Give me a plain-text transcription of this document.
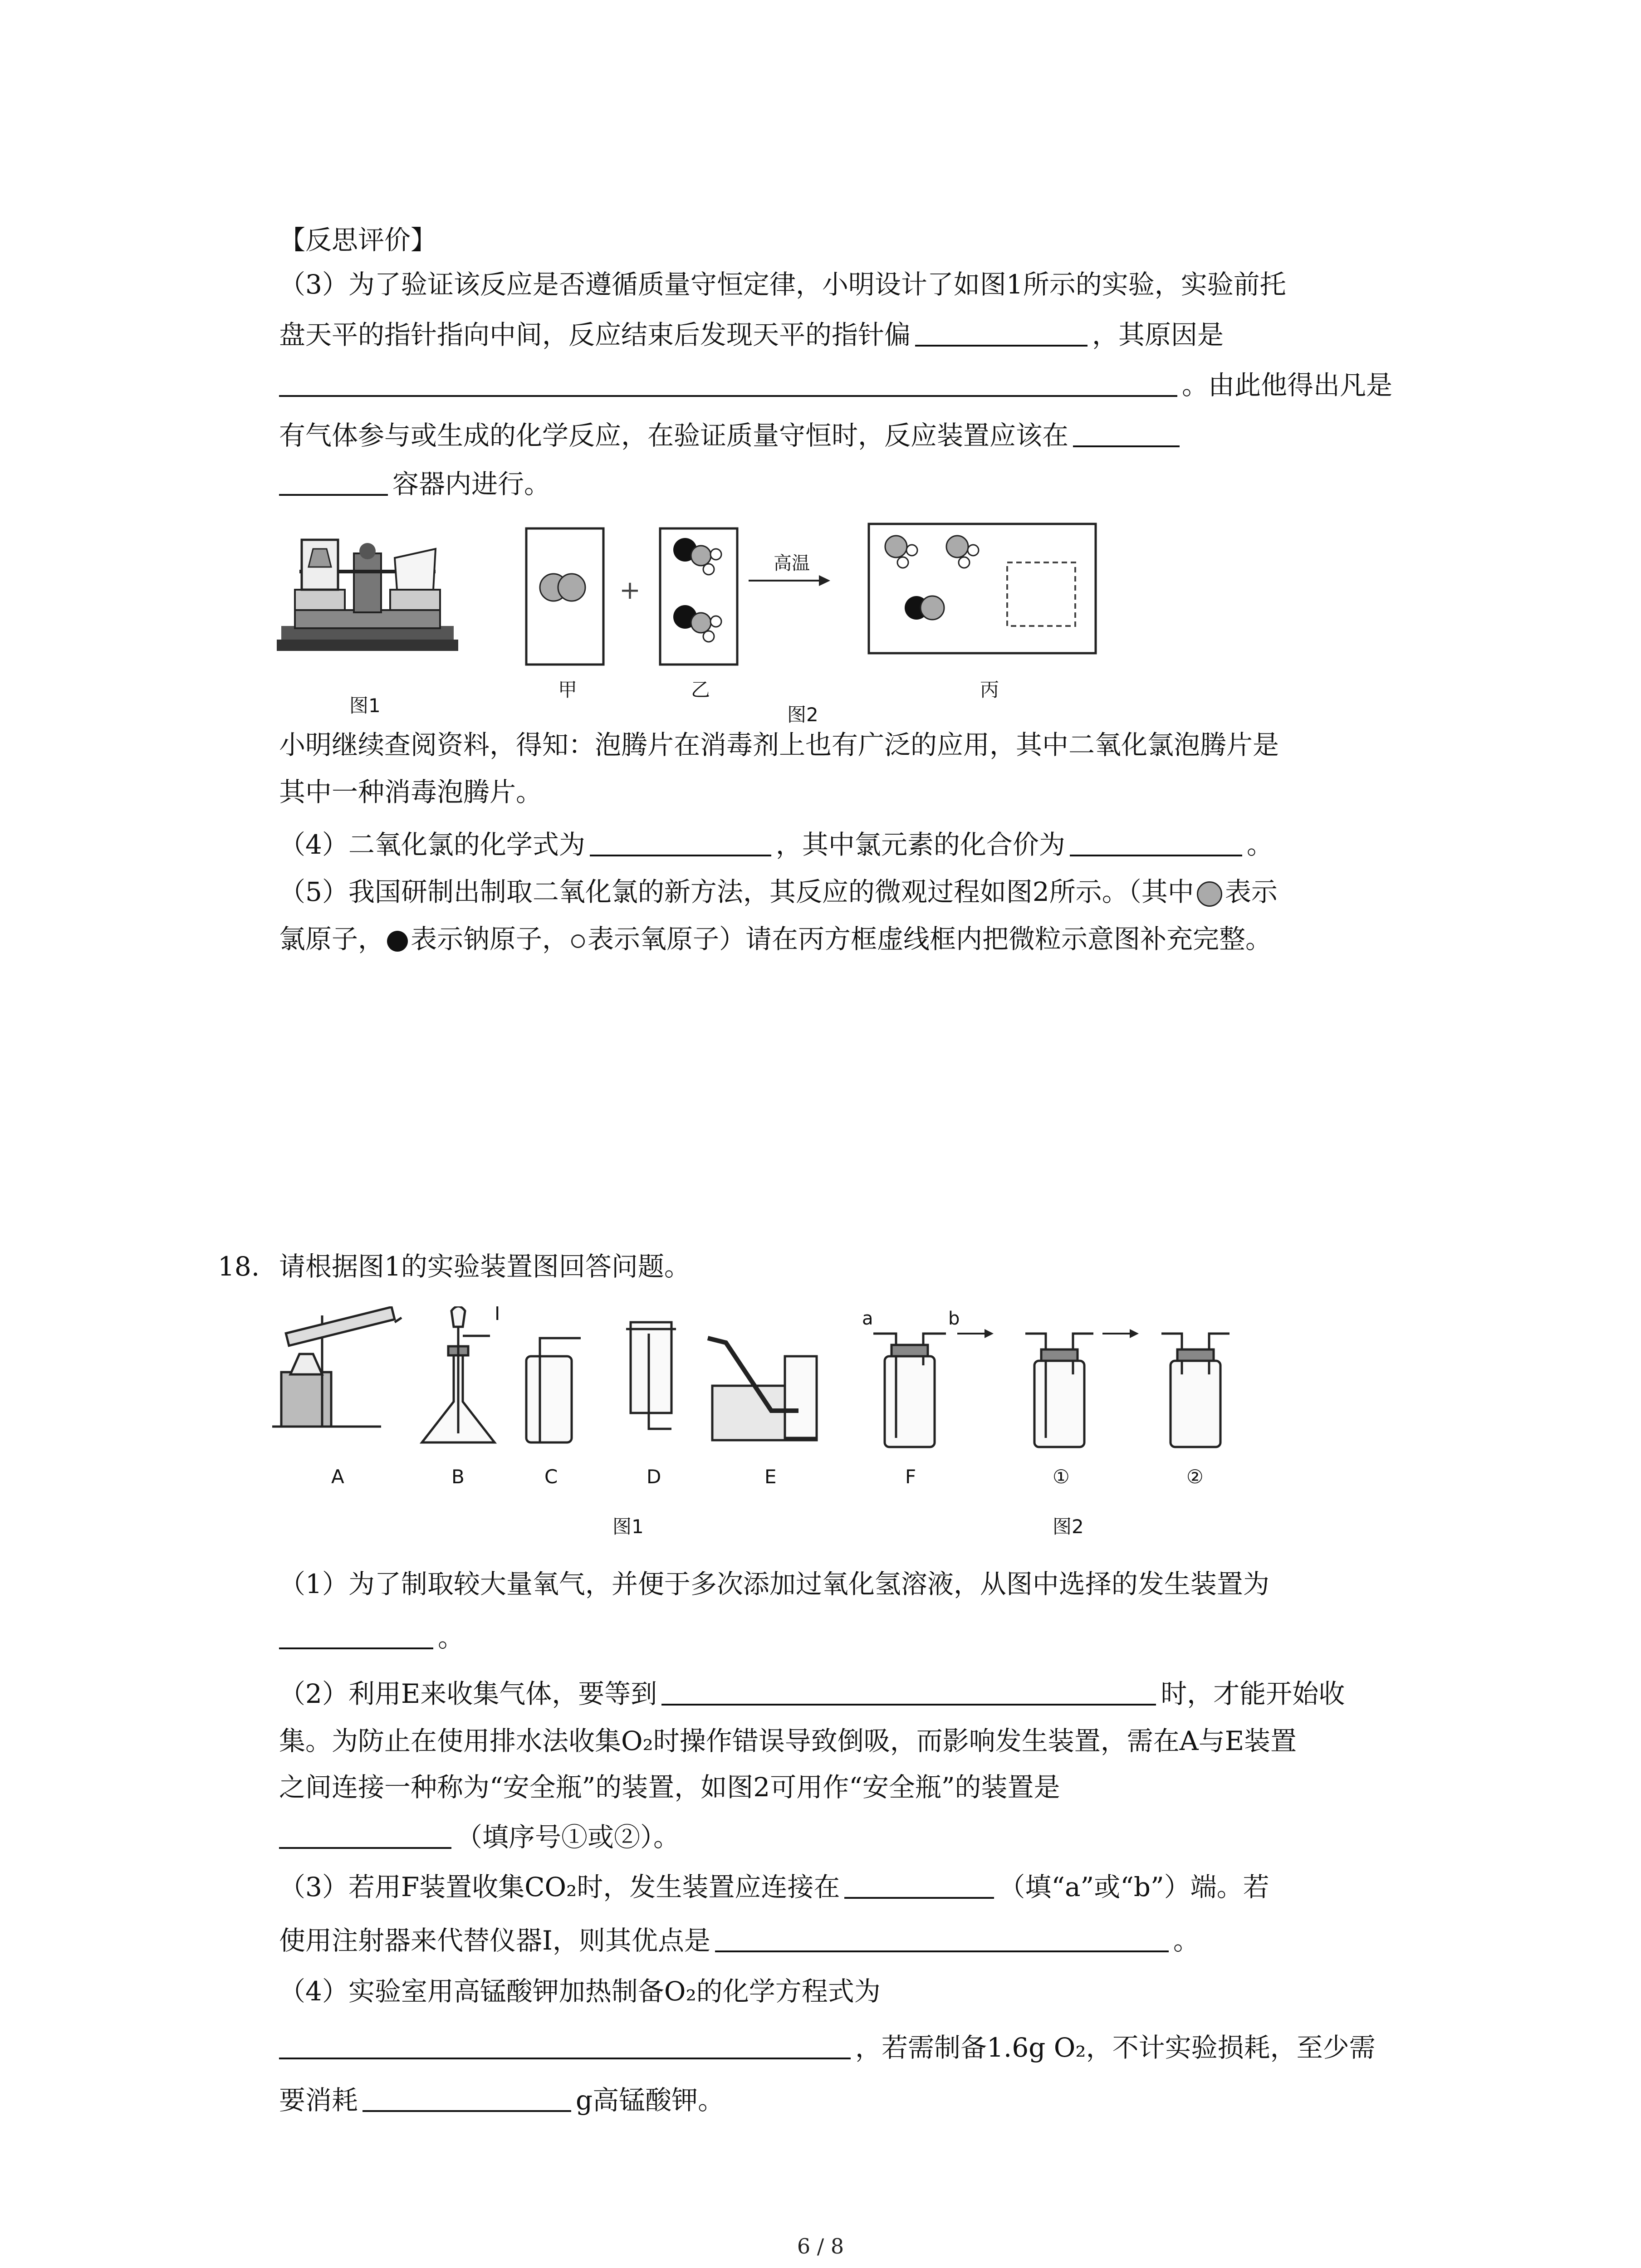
【反思评价】

（3）为了验证该反应是否遵循质量守恒定律，小明设计了如图1所示的实验，实验前托

盘天平的指针指向中间，反应结束后发现天平的指针偏	，其原因是

。由此他得出凡是

有气体参与或生成的化学反应，在验证质量守恒时，反应装置应该在

容器内进行。

图1
甲
+
乙
高温
丙
图2

小明继续查阅资料，得知：泡腾片在消毒剂上也有广泛的应用，其中二氧化氯泡腾片是

其中一种消毒泡腾片。

（4）二氧化氯的化学式为	，其中氯元素的化合价为	。

（5）我国研制出制取二氧化氯的新方法，其反应的微观过程如图2所示。（其中 表示

氯原子， 表示钠原子， 表示氧原子）请在丙方框虚线框内把微粒示意图补充完整。

18. 请根据图1的实验装置图回答问题。

I	a	b
A	B	C	D	E	F	①	②
图1	图2

（1）为了制取较大量氧气，并便于多次添加过氧化氢溶液，从图中选择的发生装置为

。

（2）利用E来收集气体，要等到	时，才能开始收

集。为防止在使用排水法收集O₂时操作错误导致倒吸，而影响发生装置，需在A与E装置

之间连接一种称为“安全瓶”的装置，如图2可用作“安全瓶”的装置是

（填序号①或②）。

（3）若用F装置收集CO₂时，发生装置应连接在	（填“a”或“b”）端。若

使用注射器来代替仪器Ⅰ，则其优点是	。

（4）实验室用高锰酸钾加热制备O₂的化学方程式为

，若需制备1.6g O₂，不计实验损耗，至少需

要消耗	g高锰酸钾。

6 / 8
